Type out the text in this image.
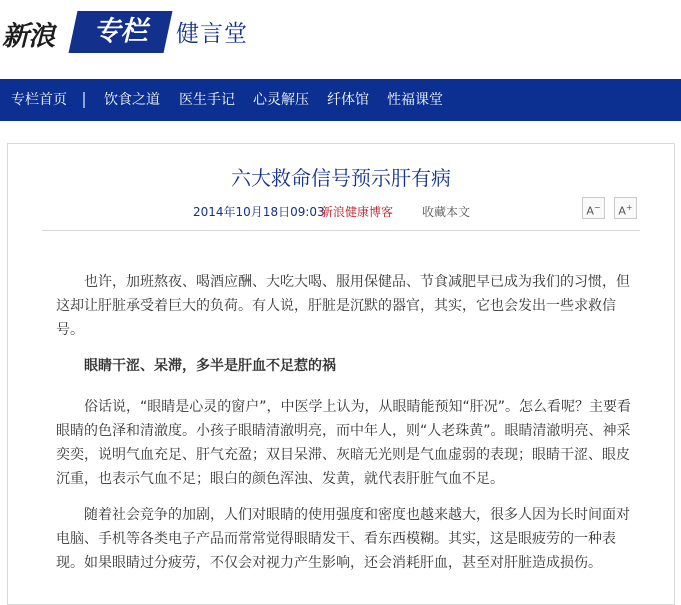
新浪	专栏	健言堂
专栏首页	饮食之道 医生手记 心灵解压 纤体馆 性福课堂
六大救命信号预示肝有病
2014年10月18日09:03
新浪健康博客 收藏本文	A−	A+

也许，加班熬夜、喝酒应酬、大吃大喝、服用保健品、节食减肥早已成为我们的习惯，但这却让肝脏承受着巨大的负荷。有人说，肝脏是沉默的器官，其实，它也会发出一些求救信号。

眼睛干涩、呆滞，多半是肝血不足惹的祸

俗话说，“眼睛是心灵的窗户”，中医学上认为，从眼睛能预知“肝况”。怎么看呢？主要看眼睛的色泽和清澈度。小孩子眼睛清澈明亮，而中年人，则“人老珠黄”。眼睛清澈明亮、神采奕奕，说明气血充足、肝气充盈；双目呆滞、灰暗无光则是气血虚弱的表现；眼睛干涩、眼皮沉重，也表示气血不足；眼白的颜色浑浊、发黄，就代表肝脏气血不足。

随着社会竞争的加剧，人们对眼睛的使用强度和密度也越来越大，很多人因为长时间面对电脑、手机等各类电子产品而常常觉得眼睛发干、看东西模糊。其实，这是眼疲劳的一种表现。如果眼睛过分疲劳，不仅会对视力产生影响，还会消耗肝血，甚至对肝脏造成损伤。
